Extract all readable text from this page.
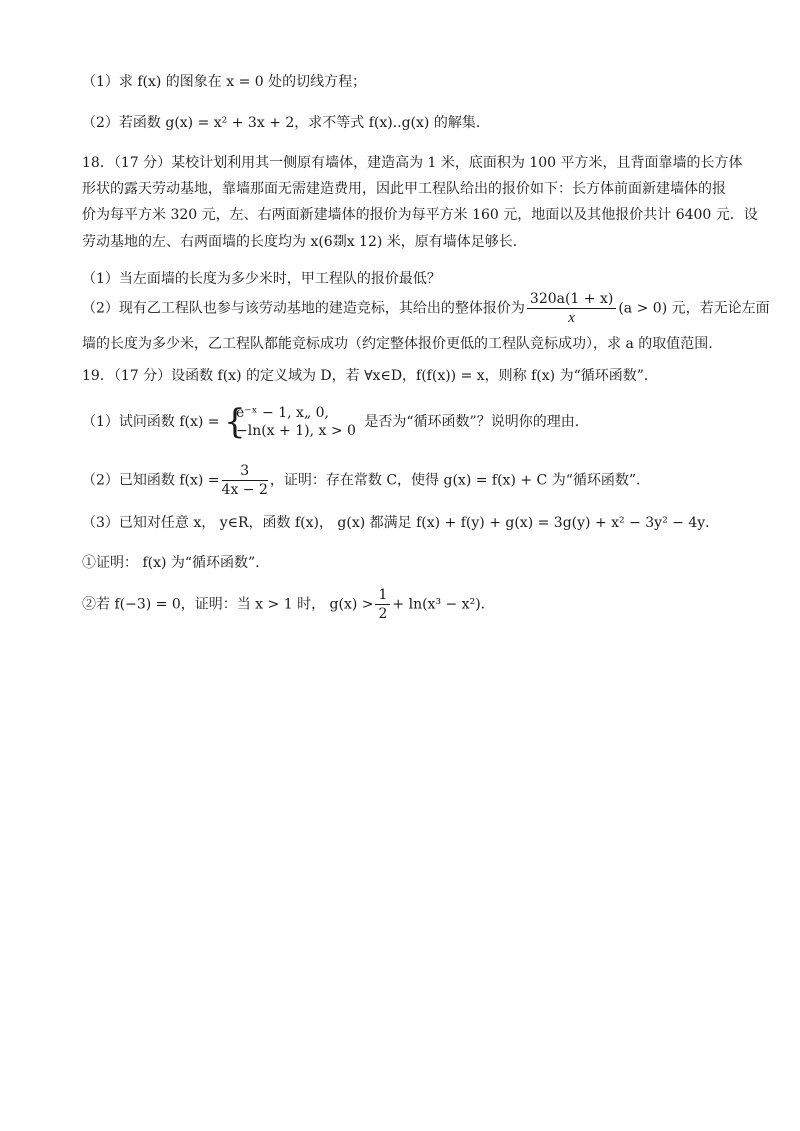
（1）求 f(x) 的图象在 x = 0 处的切线方程；
（2）若函数 g(x) = x² + 3x + 2，求不等式 f(x)..g(x) 的解集.
18．（17 分）某校计划利用其一侧原有墙体，建造高为 1 米，底面积为 100 平方米，且背面靠墙的长方体
形状的露天劳动基地，靠墙那面无需建造费用，因此甲工程队给出的报价如下：长方体前面新建墙体的报
价为每平方米 320 元，左、右两面新建墙体的报价为每平方米 160 元，地面以及其他报价共计 6400 元．设
劳动基地的左、右两面墙的长度均为 x(6剟x 12) 米，原有墙体足够长．
（1）当左面墙的长度为多少米时，甲工程队的报价最低？
（2）现有乙工程队也参与该劳动基地的建造竞标，其给出的整体报价为 $\frac{320a(1 + x)}{x} (a > 0)$ 元，若无论左面
墙的长度为多少米，乙工程队都能竞标成功（约定整体报价更低的工程队竞标成功），求 a 的取值范围.
19．（17 分）设函数 f(x) 的定义域为 D，若 ∀x∈D，f(f(x)) = x，则称 f(x) 为“循环函数”．
（1）试问函数 f(x) = {
e⁻ˣ − 1, x„ 0,
−ln(x + 1), x > 0
是否为“循环函数”？说明你的理由.
（2）已知函数 $f(x) = \frac{3}{4x - 2}$ ，证明：存在常数 C，使得 g(x) = f(x) + C 为“循环函数”．
（3）已知对任意 x， y∈R，函数 f(x)， g(x) 都满足 f(x) + f(y) + g(x) = 3g(y) + x² − 3y² − 4y．
①证明： f(x) 为“循环函数”．
②若 f(−3) = 0，证明：当 x > 1 时， $g(x) > \frac{1}{2} + \ln(x^3 - x^2)$．
